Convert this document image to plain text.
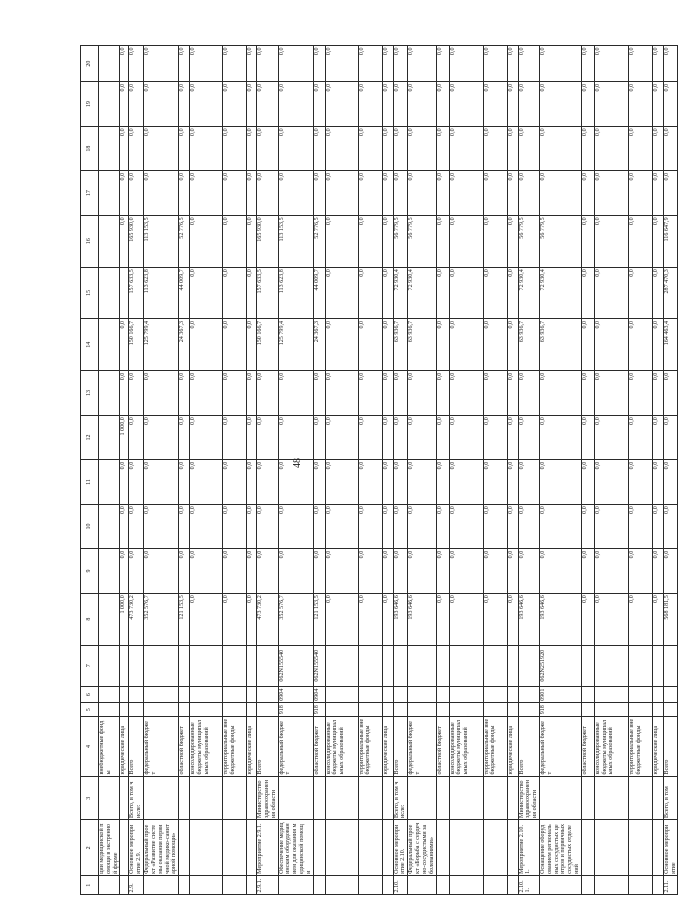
48
1	2	3	4	5	6	7	8	9	10	11	12	13	14	15	16	17	18	19	20
	ции медицинской помощи в экстренной форме		внебюджетные фонды																
			юридические лица				1 000,0	0,0	0,0	0,0	1 000,0	0,0	0,0		0,0	0,0	0,0	0,0	0,0
2.9.	Основное мероприятие 2.9.	Всего, в том числе:	Всего				473 730,2	0,0	0,0	0,0	0,0	0,0	150 166,7	157 633,5	165 930,0	0,0	0,0	0,0	0,0
	Федеральный проект «Развитие системы оказания первичной медико-санитарной помощи»		федеральный бюджет				352 576,7	0,0	0,0	0,0	0,0	0,0	125 799,4	113 623,8	113 153,5	0,0	0,0	0,0	0,0
			областной бюджет				121 153,5	0,0	0,0	0,0	0,0	0,0	24 367,3	44 009,7	52 776,5	0,0	0,0	0,0	0,0
			консолидированные бюджеты муниципальных образований				0,0	0,0	0,0	0,0	0,0	0,0	0,0	0,0	0,0	0,0	0,0	0,0	0,0
			территориальные внебюджетные фонды				0,0	0,0	0,0	0,0	0,0	0,0	0,0	0,0	0,0	0,0	0,0	0,0	0,0
			юридические лица				0,0	0,0	0,0	0,0	0,0	0,0	0,0	0,0	0,0	0,0	0,0	0,0	0,0
2.9.1.	Мероприятие 2.9.1.	Министерство здравоохранения области	Всего				473 730,2	0,0	0,0	0,0	0,0	0,0	150 166,7	157 633,5	165 930,0	0,0	0,0	0,0	0,0
	Обеспечение медицинским оборудованием для оказания медицинской помощи		федеральный бюджет	918	0904	062N155540	352 576,7	0,0	0,0	0,0	0,0	0,0	125 799,4	113 623,8	113 153,5	0,0	0,0	0,0	0,0
			областной бюджет	918	0904	062N155540	121 153,5	0,0	0,0	0,0	0,0	0,0	24 367,3	44 009,7	52 776,5	0,0	0,0	0,0	0,0
			консолидированные бюджеты муниципальных образований				0,0	0,0	0,0	0,0	0,0	0,0	0,0	0,0	0,0	0,0	0,0	0,0	0,0
			территориальные внебюджетные фонды				0,0	0,0	0,0	0,0	0,0	0,0	0,0	0,0	0,0	0,0	0,0	0,0	0,0
			юридические лица				0,0	0,0	0,0	0,0	0,0	0,0	0,0	0,0	0,0	0,0	0,0	0,0	0,0
2.10.	Основное мероприятие 2.10.	Всего, в том числе:	Всего				193 646,6	0,0	0,0	0,0	0,0	0,0	63 936,7	72 930,4	56 779,5	0,0	0,0	0,0	0,0
	Федеральный проект «Борьба с сердечно-сосудистыми заболеваниями»		федеральный бюджет				193 646,6	0,0	0,0	0,0	0,0	0,0	63 936,7	72 930,4	56 779,5	0,0	0,0	0,0	0,0
			областной бюджет				0,0	0,0	0,0	0,0	0,0	0,0	0,0	0,0	0,0	0,0	0,0	0,0	0,0
			консолидированные бюджеты муниципальных образований				0,0	0,0	0,0	0,0	0,0	0,0	0,0	0,0	0,0	0,0	0,0	0,0	0,0
			территориальные внебюджетные фонды				0,0	0,0	0,0	0,0	0,0	0,0	0,0	0,0	0,0	0,0	0,0	0,0	0,0
			юридические лица				0,0	0,0	0,0	0,0	0,0	0,0	0,0	0,0	0,0	0,0	0,0	0,0	0,0
2.10.1.	Мероприятие 2.10.1.	Министерство здравоохранения области	Всего				193 646,6	0,0	0,0	0,0	0,0	0,0	63 936,7	72 930,4	56 779,5	0,0	0,0	0,0	0,0
	Оснащение оборудованием региональных сосудистых центров и первичных сосудистых отделений		федеральный бюджет	918	0901	062N251920	193 646,6	0,0	0,0	0,0	0,0	0,0	63 936,7	72 930,4	56 779,5	0,0	0,0	0,0	0,0
			областной бюджет				0,0	0,0	0,0	0,0	0,0	0,0	0,0	0,0	0,0	0,0	0,0	0,0	0,0
			консолидированные бюджеты муниципальных образований				0,0	0,0	0,0	0,0	0,0	0,0	0,0	0,0	0,0	0,0	0,0	0,0	0,0
			территориальные внебюджетные фонды				0,0	0,0	0,0	0,0	0,0	0,0	0,0	0,0	0,0	0,0	0,0	0,0	0,0
			юридические лица				0,0	0,0	0,0	0,0	0,0	0,0	0,0	0,0	0,0	0,0	0,0	0,0	0,0
2.11.	Основное мероприятие	Всего, в том	Всего				568 181,5	0,0	0,0	0,0	0,0	0,0	164 463,4	287 470,3	116 647,9	0,0	0,0	0,0	0,0
